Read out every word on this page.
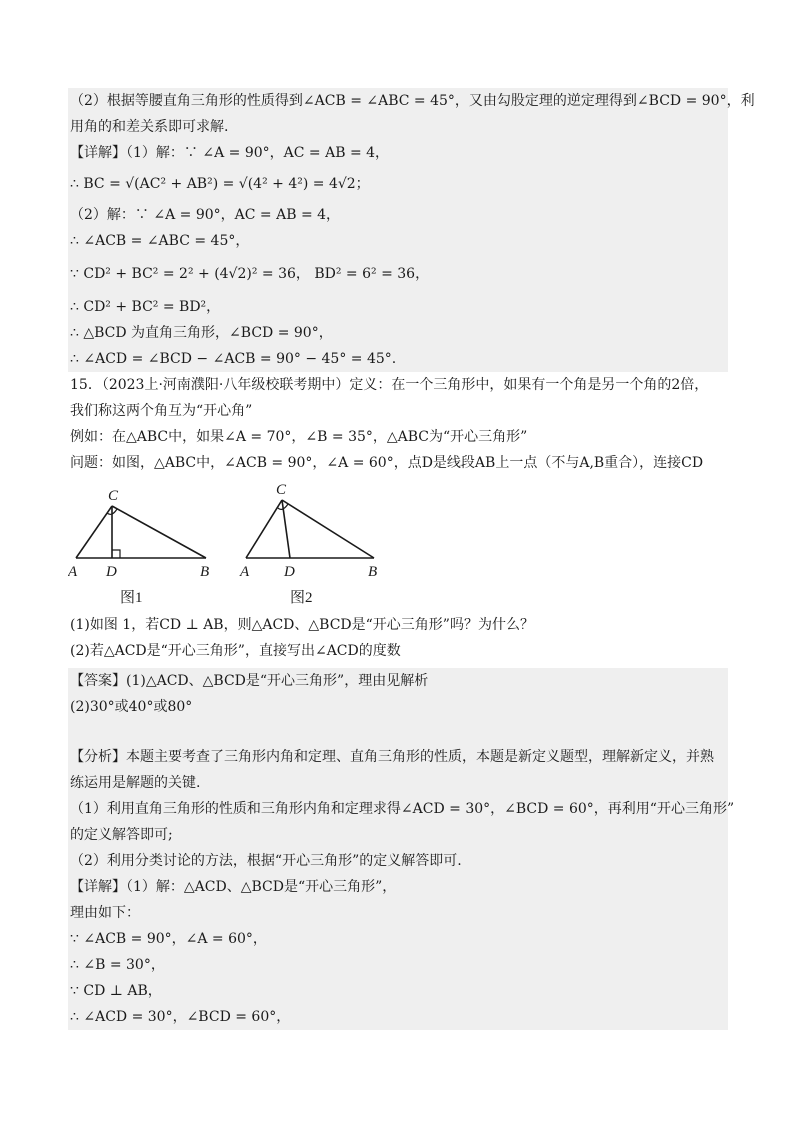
（2）根据等腰直角三角形的性质得到∠ACB = ∠ABC = 45°，又由勾股定理的逆定理得到∠BCD = 90°，利
用角的和差关系即可求解.
【详解】（1）解：∵ ∠A = 90°，AC = AB = 4，
∴ BC = √(AC² + AB²) = √(4² + 4²) = 4√2；
（2）解：∵ ∠A = 90°，AC = AB = 4，
∴ ∠ACB = ∠ABC = 45°，
∵ CD² + BC² = 2² + (4√2)² = 36， BD² = 6² = 36，
∴ CD² + BC² = BD²，
∴ △BCD 为直角三角形，∠BCD = 90°，
∴ ∠ACD = ∠BCD − ∠ACB = 90° − 45° = 45°.
15．（2023上·河南濮阳·八年级校联考期中）定义：在一个三角形中，如果有一个角是另一个角的2倍，
我们称这两个角互为“开心角”
例如：在△ABC中，如果∠A = 70°，∠B = 35°，△ABC为“开心三角形”
问题：如图，△ABC中，∠ACB = 90°，∠A = 60°，点D是线段AB上一点（不与A,B重合），连接CD
C
A D	B
C
A D	B
图1	图2
(1)如图 1，若CD ⊥ AB，则△ACD、△BCD是“开心三角形”吗？为什么？
(2)若△ACD是“开心三角形”，直接写出∠ACD的度数
【答案】(1)△ACD、△BCD是“开心三角形”，理由见解析
(2)30°或40°或80°
【分析】本题主要考查了三角形内角和定理、直角三角形的性质，本题是新定义题型，理解新定义，并熟
练运用是解题的关键.
（1）利用直角三角形的性质和三角形内角和定理求得∠ACD = 30°，∠BCD = 60°，再利用“开心三角形”
的定义解答即可;
（2）利用分类讨论的方法，根据“开心三角形”的定义解答即可.
【详解】（1）解：△ACD、△BCD是“开心三角形”，
理由如下：
∵ ∠ACB = 90°，∠A = 60°，
∴ ∠B = 30°，
∵ CD ⊥ AB，
∴ ∠ACD = 30°，∠BCD = 60°，
